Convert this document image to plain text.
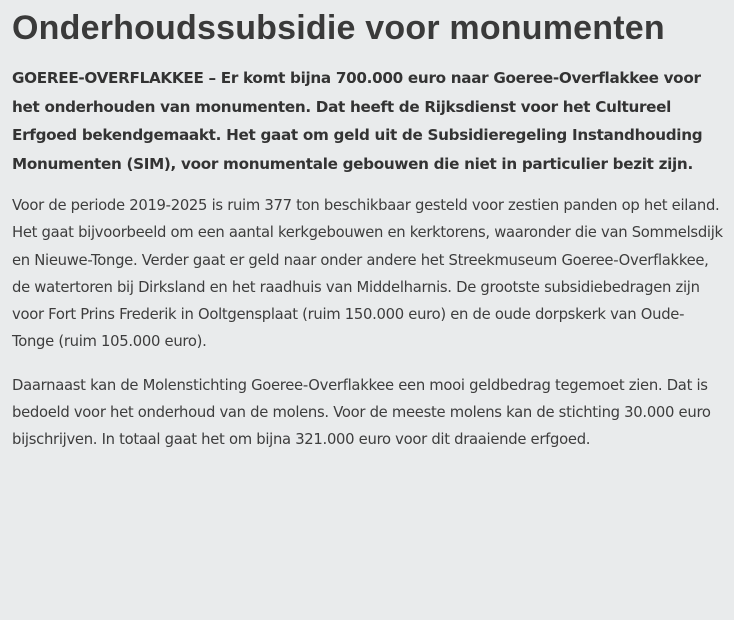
Onderhoudssubsidie voor monumenten

GOEREE-OVERFLAKKEE – Er komt bijna 700.000 euro naar Goeree-Overflakkee voor het onderhouden van monumenten. Dat heeft de Rijksdienst voor het Cultureel Erfgoed bekendgemaakt. Het gaat om geld uit de Subsidieregeling Instandhouding Monumenten (SIM), voor monumentale gebouwen die niet in particulier bezit zijn.

Voor de periode 2019-2025 is ruim 377 ton beschikbaar gesteld voor zestien panden op het eiland. Het gaat bijvoorbeeld om een aantal kerkgebouwen en kerktorens, waaronder die van Sommelsdijk en Nieuwe-Tonge. Verder gaat er geld naar onder andere het Streekmuseum Goeree-Overflakkee, de watertoren bij Dirksland en het raadhuis van Middelharnis. De grootste subsidiebedragen zijn voor Fort Prins Frederik in Ooltgensplaat (ruim 150.000 euro) en de oude dorpskerk van Oude-Tonge (ruim 105.000 euro).

Daarnaast kan de Molenstichting Goeree-Overflakkee een mooi geldbedrag tegemoet zien. Dat is bedoeld voor het onderhoud van de molens. Voor de meeste molens kan de stichting 30.000 euro bijschrijven. In totaal gaat het om bijna 321.000 euro voor dit draaiende erfgoed.
